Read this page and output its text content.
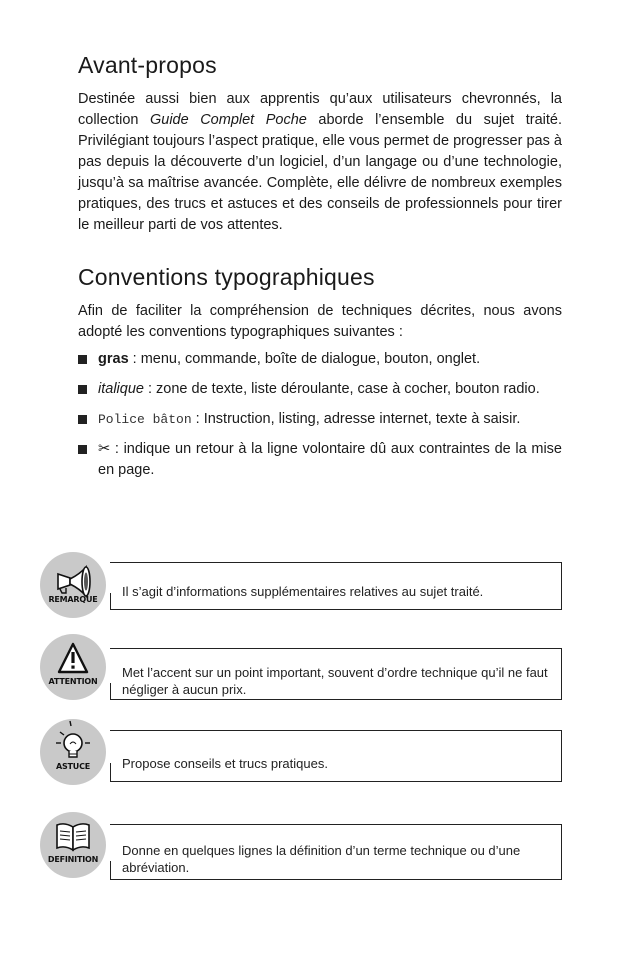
Avant-propos

Destinée aussi bien aux apprentis qu’aux utilisateurs chevronnés, la collection Guide Complet Poche aborde l’ensemble du sujet traité. Privilégiant toujours l’aspect pratique, elle vous permet de progresser pas à pas depuis la découverte d’un logiciel, d’un langage ou d’une technologie, jusqu’à sa maîtrise avancée. Complète, elle délivre de nombreux exemples pratiques, des trucs et astuces et des conseils de professionnels pour tirer le meilleur parti de vos attentes.

Conventions typographiques

Afin de faciliter la compréhension de techniques décrites, nous avons adopté les conventions typographiques suivantes :

gras : menu, commande, boîte de dialogue, bouton, onglet.
italique : zone de texte, liste déroulante, case à cocher, bouton radio.
Police bâton : Instruction, listing, adresse internet, texte à saisir.
✂ : indique un retour à la ligne volontaire dû aux contraintes de la mise en page.
Il s’agit d’informations supplémentaires relatives au sujet traité.
REMARQUE
Met l’accent sur un point important, souvent d’ordre technique qu’il ne faut négliger à aucun prix.
ATTENTION
Propose conseils et trucs pratiques.
ASTUCE
Donne en quelques lignes la définition d’un terme technique ou d’une abréviation.
DEFINITION
